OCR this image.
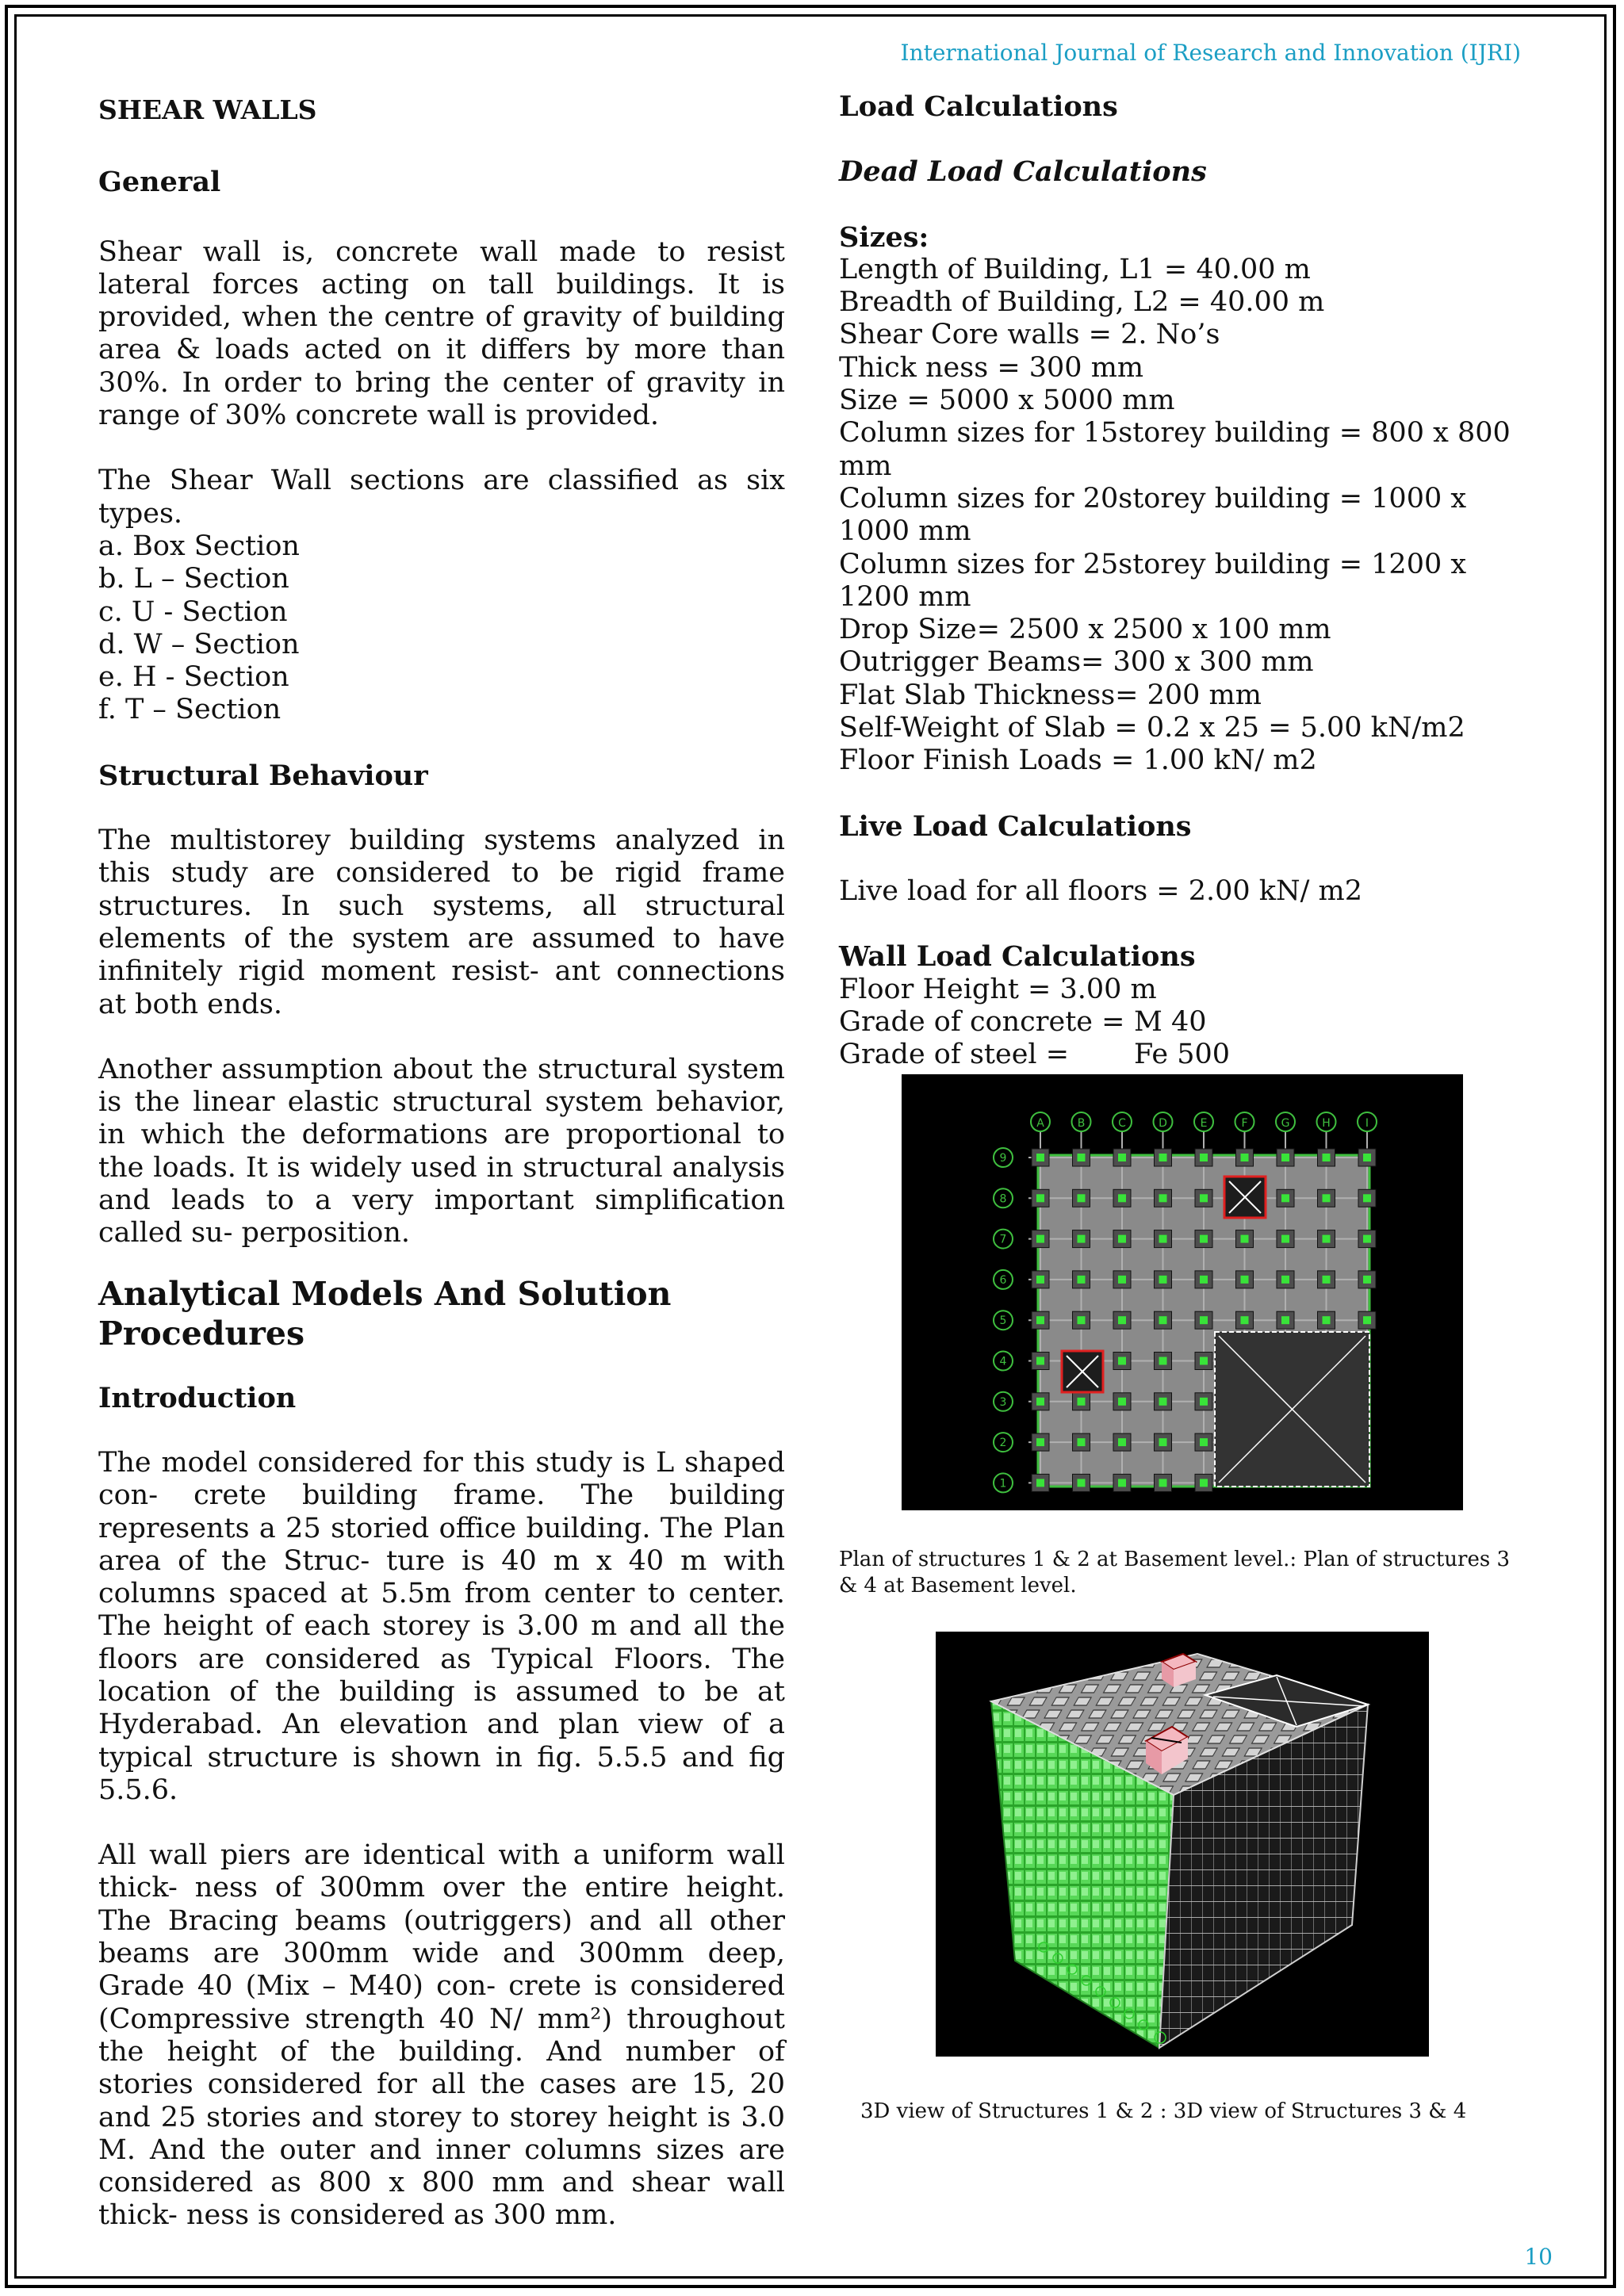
International Journal of Research and Innovation (IJRI)

SHEAR WALLS

General

Shear wall is, concrete wall made to resist lateral forces acting on tall buildings. It is provided, when the centre of gravity of building area & loads acted on it differs by more than 30%. In order to bring the center of gravity in range of 30% concrete wall is provided.

The Shear Wall sections are classified as six types.

a. Box Section
b. L – Section
c. U - Section
d. W – Section
e. H - Section
f. T – Section

Structural Behaviour

The multistorey building systems analyzed in this study are considered to be rigid frame structures. In such systems, all structural elements of the system are assumed to have infinitely rigid moment resist- ant connections at both ends.

Another assumption about the structural system is the linear elastic structural system behavior, in which the deformations are proportional to the loads. It is widely used in structural analysis and leads to a very important simplification called su- perposition.

Analytical Models And Solution Procedures

Introduction

The model considered for this study is L shaped con- crete building frame. The building represents a 25 storied office building. The Plan area of the Struc- ture is 40 m x 40 m with columns spaced at 5.5m from center to center. The height of each storey is 3.00 m and all the floors are considered as Typical Floors. The location of the building is assumed to be at Hyderabad. An elevation and plan view of a typical structure is shown in fig. 5.5.5 and fig 5.5.6.

All wall piers are identical with a uniform wall thick- ness of 300mm over the entire height. The Bracing beams (outriggers) and all other beams are 300mm wide and 300mm deep, Grade 40 (Mix – M40) con- crete is considered (Compressive strength 40 N/ mm²) throughout the height of the building. And number of stories considered for all the cases are 15, 20 and 25 stories and storey to storey height is 3.0 M. And the outer and inner columns sizes are considered as 800 x 800 mm and shear wall thick- ness is considered as 300 mm.

Load Calculations

Dead Load Calculations

Sizes:

Length of Building, L1 = 40.00 m
Breadth of Building, L2 = 40.00 m
Shear Core walls = 2. No’s
Thick ness = 300 mm
Size = 5000 x 5000 mm
Column sizes for 15storey building = 800 x 800 mm
Column sizes for 20storey building = 1000 x 1000 mm
Column sizes for 25storey building = 1200 x 1200 mm
Drop Size= 2500 x 2500 x 100 mm
Outrigger Beams= 300 x 300 mm
Flat Slab Thickness= 200 mm
Self-Weight of Slab = 0.2 x 25 = 5.00 kN/m2
Floor Finish Loads = 1.00 kN/ m2

Live Load Calculations

Live load for all floors = 2.00 kN/ m2

Wall Load Calculations

Floor Height = 3.00 m

Grade of concrete = M 40
Grade of steel =	Fe 500
A	B	C	D	E	F	G	H	I
9
8
7
6
5
4
3
2
1
Plan of structures 1 & 2 at Basement level.: Plan of structures 3 & 4 at Basement level.
3D view of Structures 1 & 2 : 3D view of Structures 3 & 4
10
